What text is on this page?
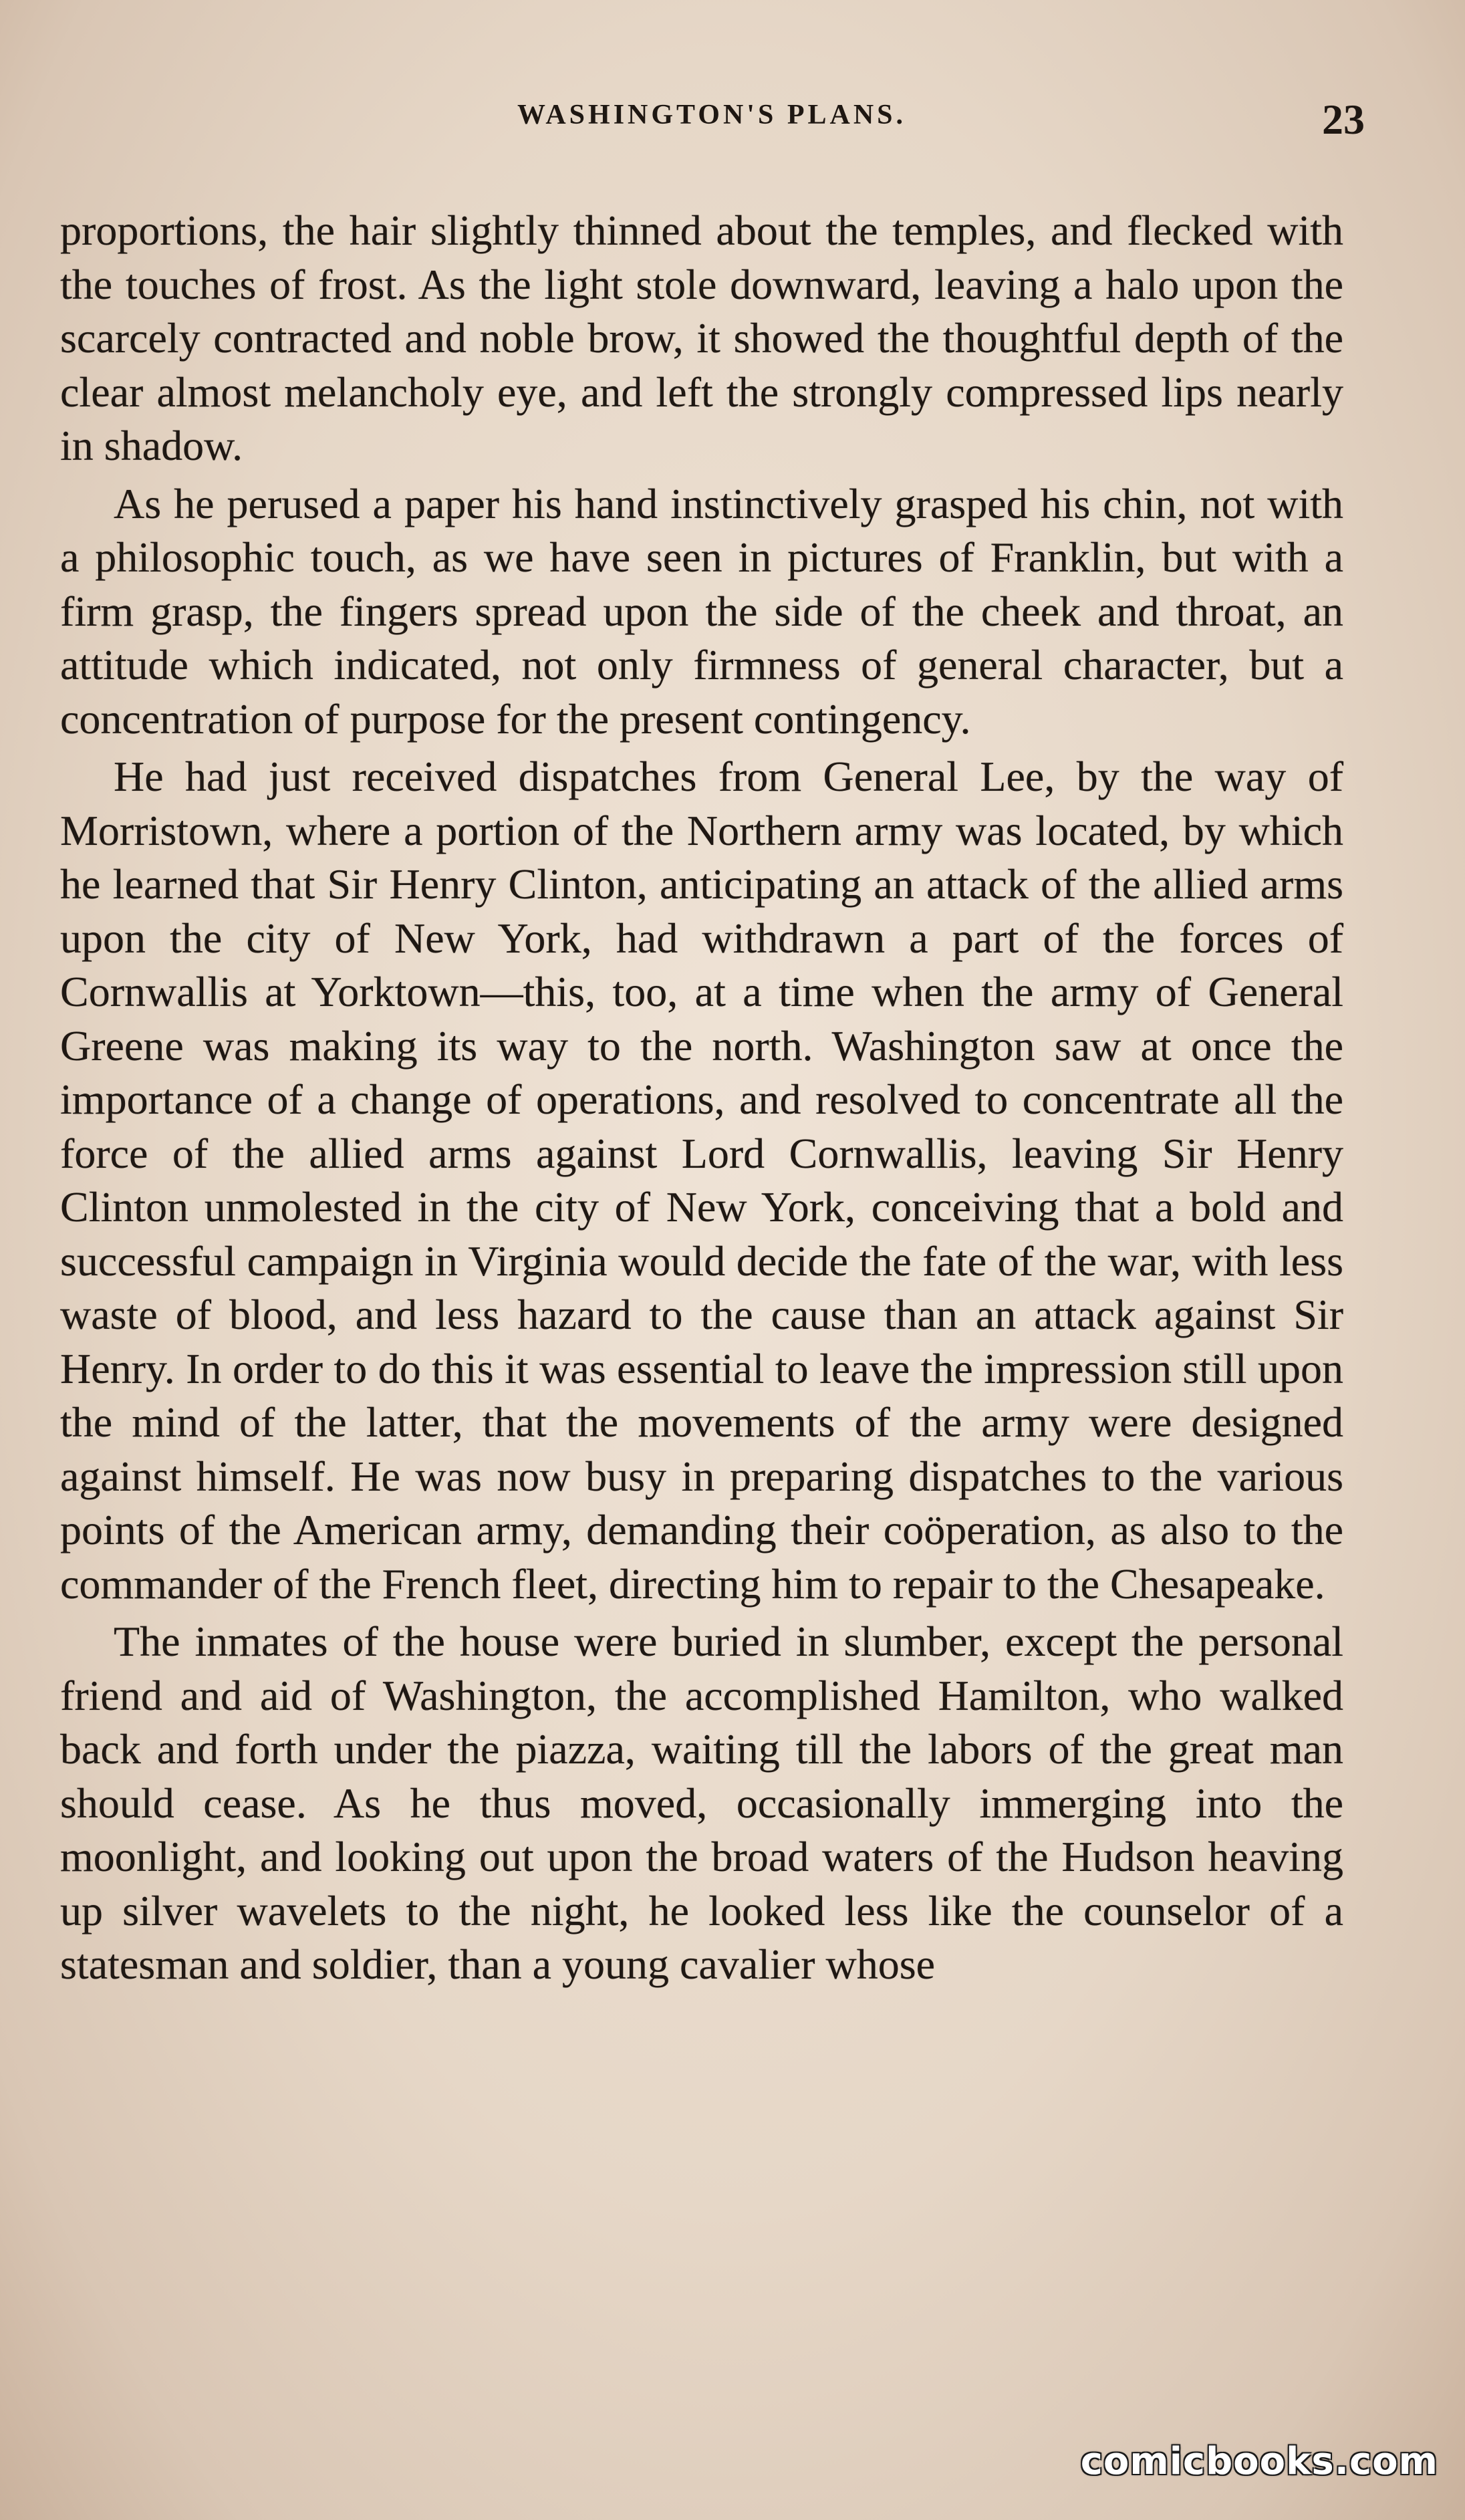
WASHINGTON'S PLANS.	23

proportions, the hair slightly thinned about the temples, and flecked with the touches of frost. As the light stole downward, leaving a halo upon the scarcely contracted and noble brow, it showed the thoughtful depth of the clear almost melancholy eye, and left the strongly compressed lips nearly in shadow.

As he perused a paper his hand instinctively grasped his chin, not with a philosophic touch, as we have seen in pictures of Franklin, but with a firm grasp, the fingers spread upon the side of the cheek and throat, an attitude which indicated, not only firmness of general character, but a concentration of purpose for the present contingency.

He had just received dispatches from General Lee, by the way of Morristown, where a portion of the Northern army was located, by which he learned that Sir Henry Clinton, anticipating an attack of the allied arms upon the city of New York, had withdrawn a part of the forces of Cornwallis at Yorktown—this, too, at a time when the army of General Greene was making its way to the north. Washington saw at once the importance of a change of operations, and resolved to concentrate all the force of the allied arms against Lord Cornwallis, leaving Sir Henry Clinton unmolested in the city of New York, conceiving that a bold and successful campaign in Virginia would decide the fate of the war, with less waste of blood, and less hazard to the cause than an attack against Sir Henry. In order to do this it was essential to leave the impression still upon the mind of the latter, that the movements of the army were designed against himself. He was now busy in preparing dispatches to the various points of the American army, demanding their coöperation, as also to the commander of the French fleet, directing him to repair to the Chesapeake.

The inmates of the house were buried in slumber, except the personal friend and aid of Washington, the accomplished Hamilton, who walked back and forth under the piazza, waiting till the labors of the great man should cease. As he thus moved, occasionally immerging into the moonlight, and looking out upon the broad waters of the Hudson heaving up silver wavelets to the night, he looked less like the counselor of a statesman and soldier, than a young cavalier whose

comicbooks.com
